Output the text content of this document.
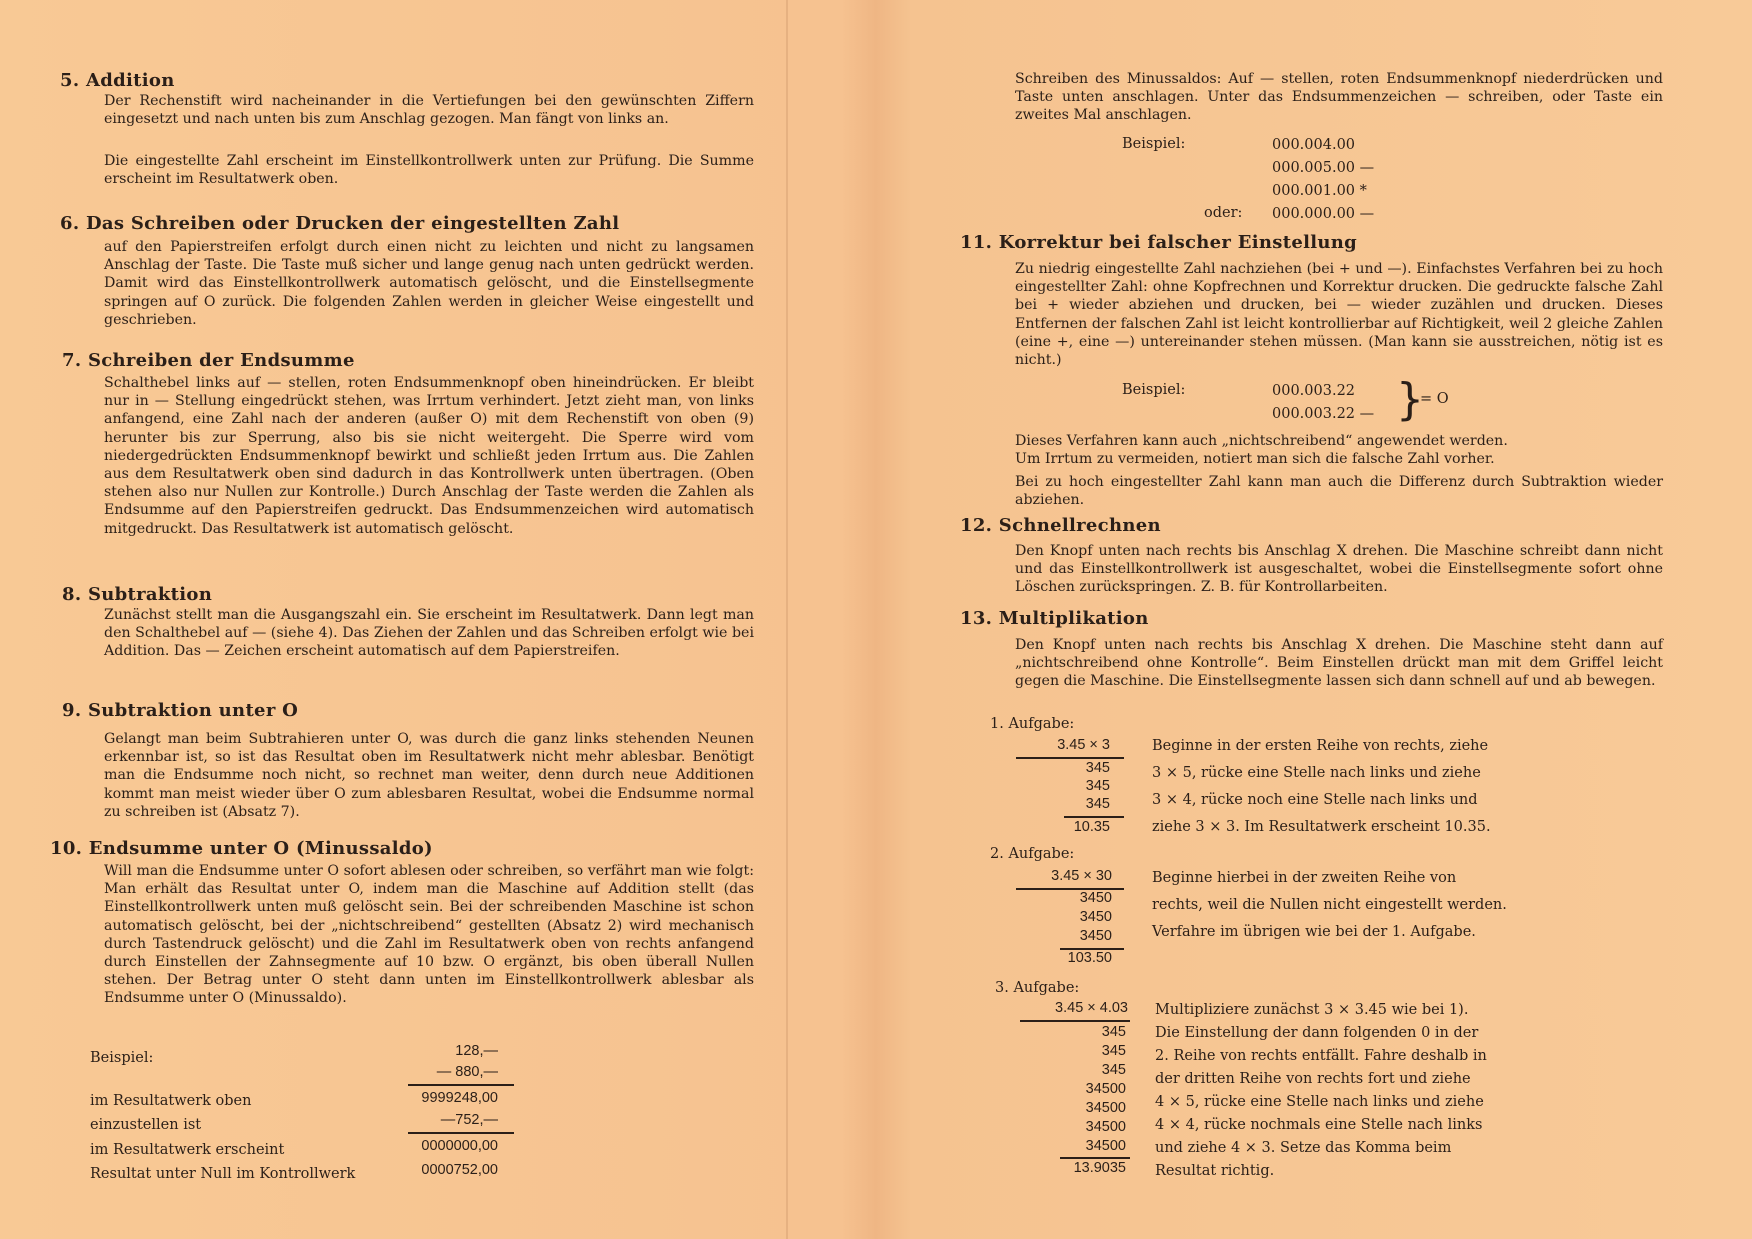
5. Addition
Der Rechenstift wird nacheinander in die Vertiefungen bei den gewünschten Ziffern eingesetzt und nach unten bis zum Anschlag gezogen. Man fängt von links an.
Die eingestellte Zahl erscheint im Einstellkontrollwerk unten zur Prüfung. Die Summe erscheint im Resultatwerk oben.
6. Das Schreiben oder Drucken der eingestellten Zahl
auf den Papierstreifen erfolgt durch einen nicht zu leichten und nicht zu langsamen Anschlag der Taste. Die Taste muß sicher und lange genug nach unten gedrückt werden. Damit wird das Einstellkontrollwerk automatisch gelöscht, und die Einstellsegmente springen auf O zurück. Die folgenden Zahlen werden in gleicher Weise eingestellt und geschrieben.
7. Schreiben der Endsumme
Schalthebel links auf — stellen, roten Endsummenknopf oben hineindrücken. Er bleibt nur in — Stellung eingedrückt stehen, was Irrtum verhindert. Jetzt zieht man, von links anfangend, eine Zahl nach der anderen (außer O) mit dem Rechenstift von oben (9) herunter bis zur Sperrung, also bis sie nicht weitergeht. Die Sperre wird vom niedergedrückten Endsummenknopf bewirkt und schließt jeden Irrtum aus. Die Zahlen aus dem Resultatwerk oben sind dadurch in das Kontrollwerk unten übertragen. (Oben stehen also nur Nullen zur Kontrolle.) Durch Anschlag der Taste werden die Zahlen als Endsumme auf den Papierstreifen gedruckt. Das Endsummenzeichen wird automatisch mitgedruckt. Das Resultatwerk ist automatisch gelöscht.
8. Subtraktion
Zunächst stellt man die Ausgangszahl ein. Sie erscheint im Resultatwerk. Dann legt man den Schalthebel auf — (siehe 4). Das Ziehen der Zahlen und das Schreiben erfolgt wie bei Addition. Das — Zeichen erscheint automatisch auf dem Papierstreifen.
9. Subtraktion unter O
Gelangt man beim Subtrahieren unter O, was durch die ganz links stehenden Neunen erkennbar ist, so ist das Resultat oben im Resultatwerk nicht mehr ablesbar. Benötigt man die Endsumme noch nicht, so rechnet man weiter, denn durch neue Additionen kommt man meist wieder über O zum ablesbaren Resultat, wobei die Endsumme normal zu schreiben ist (Absatz 7).
10. Endsumme unter O (Minussaldo)
Will man die Endsumme unter O sofort ablesen oder schreiben, so verfährt man wie folgt: Man erhält das Resultat unter O, indem man die Maschine auf Addition stellt (das Einstellkontrollwerk unten muß gelöscht sein. Bei der schreibenden Maschine ist schon automatisch gelöscht, bei der „nichtschreibend“ gestellten (Absatz 2) wird mechanisch durch Tastendruck gelöscht) und die Zahl im Resultatwerk oben von rechts anfangend durch Einstellen der Zahnsegmente auf 10 bzw. O ergänzt, bis oben überall Nullen stehen. Der Betrag unter O steht dann unten im Einstellkontrollwerk ablesbar als Endsumme unter O (Minussaldo).
Beispiel:	128,—
— 880,—
im Resultatwerk oben	9999248,00
einzustellen ist	—752,—
im Resultatwerk erscheint	0000000,00
Resultat unter Null im Kontrollwerk	0000752,00
Schreiben des Minussaldos: Auf — stellen, roten Endsummenknopf niederdrücken und Taste unten anschlagen. Unter das Endsummenzeichen — schreiben, oder Taste ein zweites Mal anschlagen.
Beispiel:	000.004.00
000.005.00 —
000.001.00 *
oder: 000.000.00 —
11. Korrektur bei falscher Einstellung
Zu niedrig eingestellte Zahl nachziehen (bei + und —). Einfachstes Verfahren bei zu hoch eingestellter Zahl: ohne Kopfrechnen und Korrektur drucken. Die gedruckte falsche Zahl bei + wieder abziehen und drucken, bei — wieder zuzählen und drucken. Dieses Entfernen der falschen Zahl ist leicht kontrollierbar auf Richtigkeit, weil 2 gleiche Zahlen (eine +, eine —) untereinander stehen müssen. (Man kann sie ausstreichen, nötig ist es nicht.)
Beispiel:	000.003.22
000.003.22 — }
= O
Dieses Verfahren kann auch „nichtschreibend“ angewendet werden.
Um Irrtum zu vermeiden, notiert man sich die falsche Zahl vorher.
Bei zu hoch eingestellter Zahl kann man auch die Differenz durch Subtraktion wieder abziehen.
12. Schnellrechnen
Den Knopf unten nach rechts bis Anschlag X drehen. Die Maschine schreibt dann nicht und das Einstellkontrollwerk ist ausgeschaltet, wobei die Einstellsegmente sofort ohne Löschen zurückspringen. Z. B. für Kontrollarbeiten.
13. Multiplikation
Den Knopf unten nach rechts bis Anschlag X drehen. Die Maschine steht dann auf „nichtschreibend ohne Kontrolle“. Beim Einstellen drückt man mit dem Griffel leicht gegen die Maschine. Die Einstellsegmente lassen sich dann schnell auf und ab bewegen.
1. Aufgabe:
3.45 × 3
345
345
345
10.35
Beginne in der ersten Reihe von rechts, ziehe
3 × 5, rücke eine Stelle nach links und ziehe
3 × 4, rücke noch eine Stelle nach links und
ziehe 3 × 3. Im Resultatwerk erscheint 10.35.
2. Aufgabe:
3.45 × 30
3450
3450
3450
103.50
Beginne hierbei in der zweiten Reihe von
rechts, weil die Nullen nicht eingestellt werden.
Verfahre im übrigen wie bei der 1. Aufgabe.
3. Aufgabe:
3.45 × 4.03
345
345
345
34500
34500
34500
34500
13.9035
Multipliziere zunächst 3 × 3.45 wie bei 1).
Die Einstellung der dann folgenden 0 in der
2. Reihe von rechts entfällt. Fahre deshalb in
der dritten Reihe von rechts fort und ziehe
4 × 5, rücke eine Stelle nach links und ziehe
4 × 4, rücke nochmals eine Stelle nach links
und ziehe 4 × 3. Setze das Komma beim
Resultat richtig.
